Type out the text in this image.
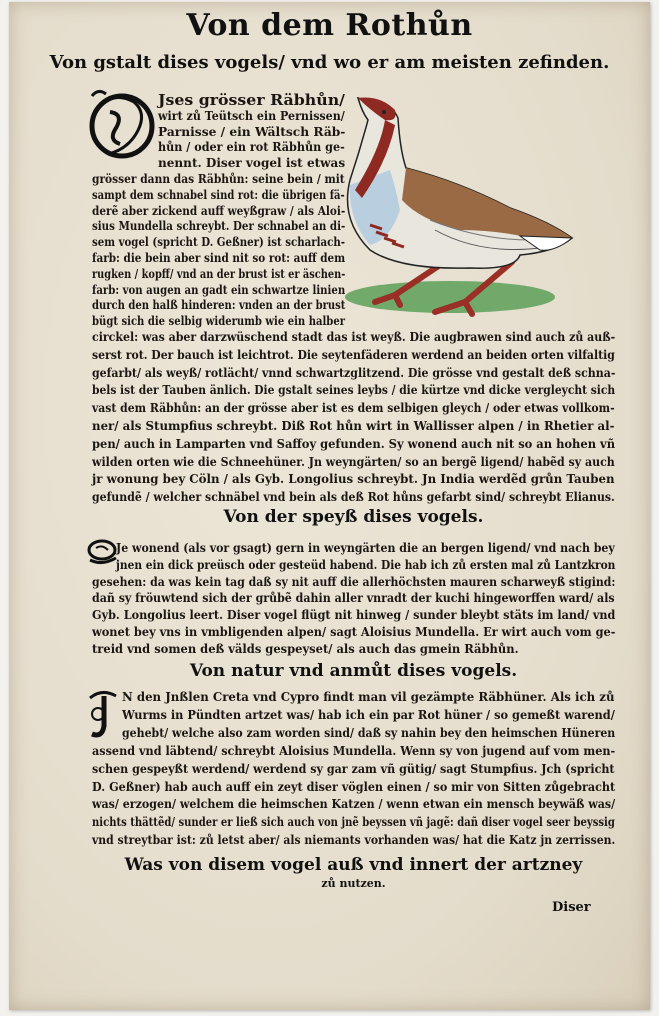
Von dem Rothůn
Von gstalt dises vogels/ vnd wo er am meisten zefinden.
Jses grösser Räbhůn/
wirt zů Teütsch ein Pernissen/
Parnisse / ein Wältsch Räb-
hůn / oder ein rot Räbhůn ge-
nennt. Diser vogel ist etwas
grösser dann das Räbhůn: seine bein / mit
sampt dem schnabel sind rot: die übrigen fä-
derẽ aber zickend auff weyßgraw / als Aloi-
sius Mundella schreybt. Der schnabel an di-
sem vogel (spricht D. Geßner) ist scharlach-
farb: die bein aber sind nit so rot: auff dem
rugken / kopff/ vnd an der brust ist er äschen-
farb: von augen an gadt ein schwartze linien
durch den halß hinderen: vnden an der brust
bügt sich die selbig widerumb wie ein halber
circkel: was aber darzwüschend stadt das ist weyß. Die augbrawen sind auch zů auß-
serst rot. Der bauch ist leichtrot. Die seytenfäderen werdend an beiden orten vilfaltig
gefarbt/ als weyß/ rotlächt/ vnnd schwartzglitzend. Die grösse vnd gestalt deß schna-
bels ist der Tauben änlich. Die gstalt seines leybs / die kürtze vnd dicke vergleycht sich
vast dem Räbhůn: an der grösse aber ist es dem selbigen gleych / oder etwas vollkom-
ner/ als Stumpfius schreybt. Diß Rot hůn wirt in Wallisser alpen / in Rhetier al-
pen/ auch in Lamparten vnd Saffoy gefunden. Sy wonend auch nit so an hohen vñ
wilden orten wie die Schneehüner. Jn weyngärten/ so an bergẽ ligend/ habẽd sy auch
jr wonung bey Cöln / als Gyb. Longolius schreybt. Jn India werdẽd grůn Tauben
gefundẽ / welcher schnäbel vnd bein als deß Rot hůns gefarbt sind/ schreybt Elianus.
Von der speyß dises vogels.
Je wonend (als vor gsagt) gern in weyngärten die an bergen ligend/ vnd nach bey
jnen ein dick preüsch oder gesteüd habend. Die hab ich zů ersten mal zů Lantzkron
gesehen: da was kein tag daß sy nit auff die allerhöchsten mauren scharweyß stigind:
dañ sy fröuwtend sich der grůbẽ dahin aller vnradt der kuchi hingeworffen ward/ als
Gyb. Longolius leert. Diser vogel flügt nit hinweg / sunder bleybt stäts im land/ vnd
wonet bey vns in vmbligenden alpen/ sagt Aloisius Mundella. Er wirt auch vom ge-
treid vnd somen deß välds gespeyset/ als auch das gmein Räbhůn.
Von natur vnd anmůt dises vogels.
N den Jnßlen Creta vnd Cypro findt man vil gezämpte Räbhüner. Als ich zů
Wurms in Pündten artzet was/ hab ich ein par Rot hüner / so gemeßt warend/
gehebt/ welche also zam worden sind/ daß sy nahin bey den heimschen Hüneren
assend vnd läbtend/ schreybt Aloisius Mundella. Wenn sy von jugend auf vom men-
schen gespeyßt werdend/ werdend sy gar zam vñ gütig/ sagt Stumpfius. Jch (spricht
D. Geßner) hab auch auff ein zeyt diser vöglen einen / so mir von Sitten zůgebracht
was/ erzogen/ welchem die heimschen Katzen / wenn etwan ein mensch beywäß was/
nichts thättẽd/ sunder er ließ sich auch von jnẽ beyssen vñ jagẽ: dañ diser vogel seer beyssig
vnd streytbar ist: zů letst aber/ als niemants vorhanden was/ hat die Katz jn zerrissen.
Was von disem vogel auß vnd innert der artzney
zů nutzen.
Diser
